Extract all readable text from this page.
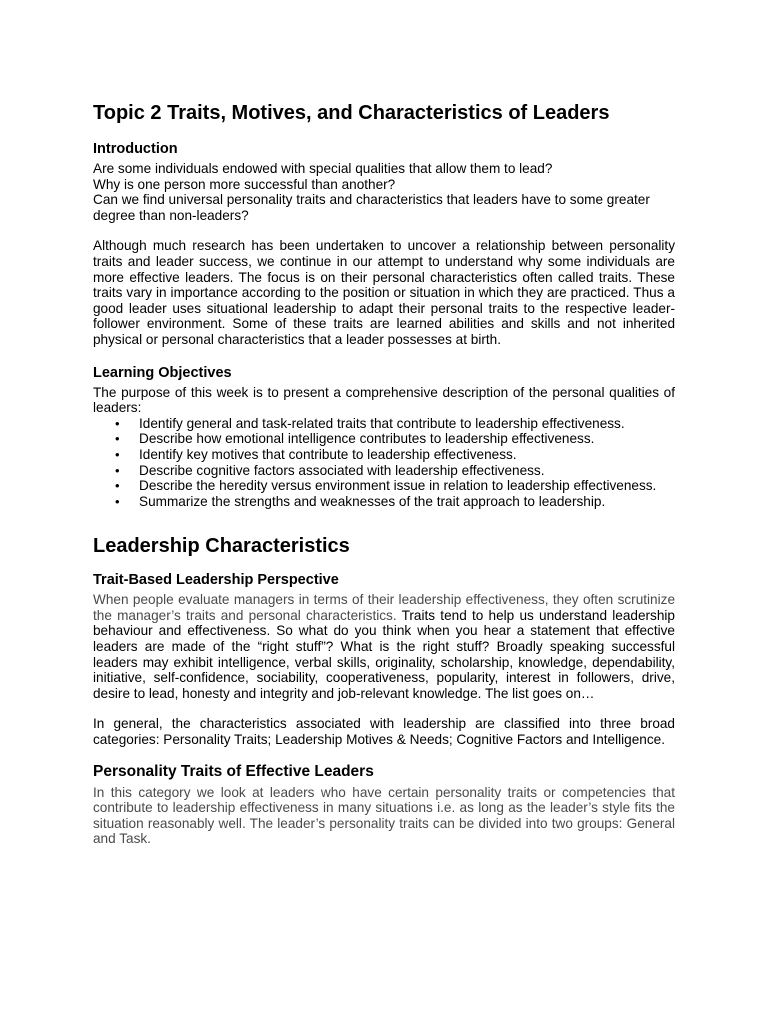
Topic 2 Traits, Motives, and Characteristics of Leaders
Introduction

Are some individuals endowed with special qualities that allow them to lead?

Why is one person more successful than another?

Can we find universal personality traits and characteristics that leaders have to some greater degree than non-leaders?

Although much research has been undertaken to uncover a relationship between personality traits and leader success, we continue in our attempt to understand why some individuals are more effective leaders. The focus is on their personal characteristics often called traits. These traits vary in importance according to the position or situation in which they are practiced. Thus a good leader uses situational leadership to adapt their personal traits to the respective leader-follower environment. Some of these traits are learned abilities and skills and not inherited physical or personal characteristics that a leader possesses at birth.

Learning Objectives

The purpose of this week is to present a comprehensive description of the personal qualities of leaders:

• Identify general and task-related traits that contribute to leadership effectiveness.
• Describe how emotional intelligence contributes to leadership effectiveness.
• Identify key motives that contribute to leadership effectiveness.
• Describe cognitive factors associated with leadership effectiveness.
• Describe the heredity versus environment issue in relation to leadership effectiveness.
• Summarize the strengths and weaknesses of the trait approach to leadership.
Leadership Characteristics
Trait-Based Leadership Perspective

When people evaluate managers in terms of their leadership effectiveness, they often scrutinize the manager’s traits and personal characteristics. Traits tend to help us understand leadership behaviour and effectiveness. So what do you think when you hear a statement that effective leaders are made of the “right stuff”? What is the right stuff? Broadly speaking successful leaders may exhibit intelligence, verbal skills, originality, scholarship, knowledge, dependability, initiative, self-confidence, sociability, cooperativeness, popularity, interest in followers, drive, desire to lead, honesty and integrity and job-relevant knowledge. The list goes on…

In general, the characteristics associated with leadership are classified into three broad categories: Personality Traits; Leadership Motives & Needs; Cognitive Factors and Intelligence.

Personality Traits of Effective Leaders

In this category we look at leaders who have certain personality traits or competencies that contribute to leadership effectiveness in many situations i.e. as long as the leader’s style fits the situation reasonably well. The leader’s personality traits can be divided into two groups: General and Task.
